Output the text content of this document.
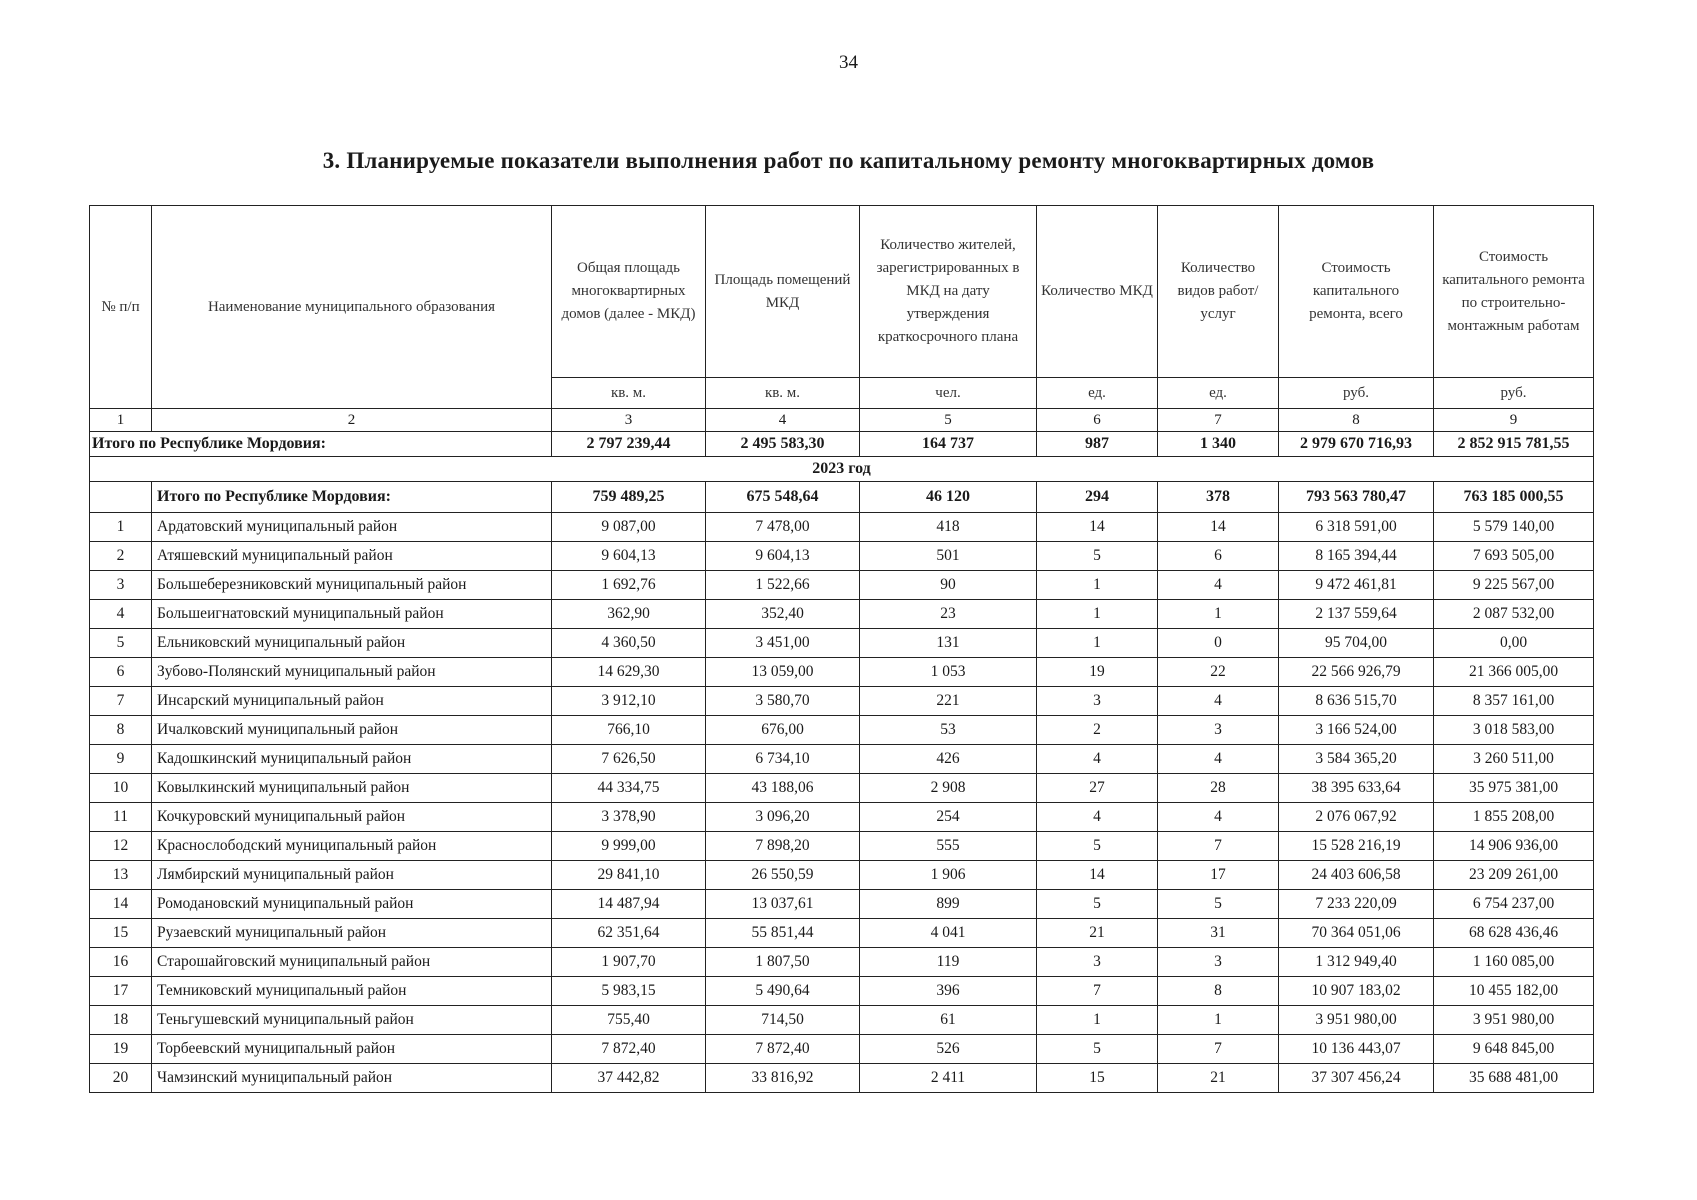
34
3. Планируемые показатели выполнения работ по капитальному ремонту многоквартирных домов
№ п/п	Наименование муниципального образования	Общая площадь многоквартирных домов (далее - МКД)	Площадь помещений МКД	Количество жителей, зарегистрированных в МКД на дату утверждения краткосрочного плана	Количество МКД	Количество видов работ/услуг	Стоимость капитального ремонта, всего	Стоимость капитального ремонта по строительно-монтажным работам
		кв. м.	кв. м.	чел.	ед.	ед.	руб.	руб.
1	2	3	4	5	6	7	8	9
Итого по Республике Мордовия:		2 797 239,44	2 495 583,30	164 737	987	1 340	2 979 670 716,93	2 852 915 781,55
2023 год								
	Итого по Республике Мордовия:	759 489,25	675 548,64	46 120	294	378	793 563 780,47	763 185 000,55
1	Ардатовский муниципальный район	9 087,00	7 478,00	418	14	14	6 318 591,00	5 579 140,00
2	Атяшевский муниципальный район	9 604,13	9 604,13	501	5	6	8 165 394,44	7 693 505,00
3	Большеберезниковский муниципальный район	1 692,76	1 522,66	90	1	4	9 472 461,81	9 225 567,00
4	Большеигнатовский муниципальный район	362,90	352,40	23	1	1	2 137 559,64	2 087 532,00
5	Ельниковский муниципальный район	4 360,50	3 451,00	131	1	0	95 704,00	0,00
6	Зубово-Полянский муниципальный район	14 629,30	13 059,00	1 053	19	22	22 566 926,79	21 366 005,00
7	Инсарский муниципальный район	3 912,10	3 580,70	221	3	4	8 636 515,70	8 357 161,00
8	Ичалковский муниципальный район	766,10	676,00	53	2	3	3 166 524,00	3 018 583,00
9	Кадошкинский муниципальный район	7 626,50	6 734,10	426	4	4	3 584 365,20	3 260 511,00
10	Ковылкинский муниципальный район	44 334,75	43 188,06	2 908	27	28	38 395 633,64	35 975 381,00
11	Кочкуровский муниципальный район	3 378,90	3 096,20	254	4	4	2 076 067,92	1 855 208,00
12	Краснослободский муниципальный район	9 999,00	7 898,20	555	5	7	15 528 216,19	14 906 936,00
13	Лямбирский муниципальный район	29 841,10	26 550,59	1 906	14	17	24 403 606,58	23 209 261,00
14	Ромодановский муниципальный район	14 487,94	13 037,61	899	5	5	7 233 220,09	6 754 237,00
15	Рузаевский муниципальный район	62 351,64	55 851,44	4 041	21	31	70 364 051,06	68 628 436,46
16	Старошайговский муниципальный район	1 907,70	1 807,50	119	3	3	1 312 949,40	1 160 085,00
17	Темниковский муниципальный район	5 983,15	5 490,64	396	7	8	10 907 183,02	10 455 182,00
18	Теньгушевский муниципальный район	755,40	714,50	61	1	1	3 951 980,00	3 951 980,00
19	Торбеевский муниципальный район	7 872,40	7 872,40	526	5	7	10 136 443,07	9 648 845,00
20	Чамзинский муниципальный район	37 442,82	33 816,92	2 411	15	21	37 307 456,24	35 688 481,00
